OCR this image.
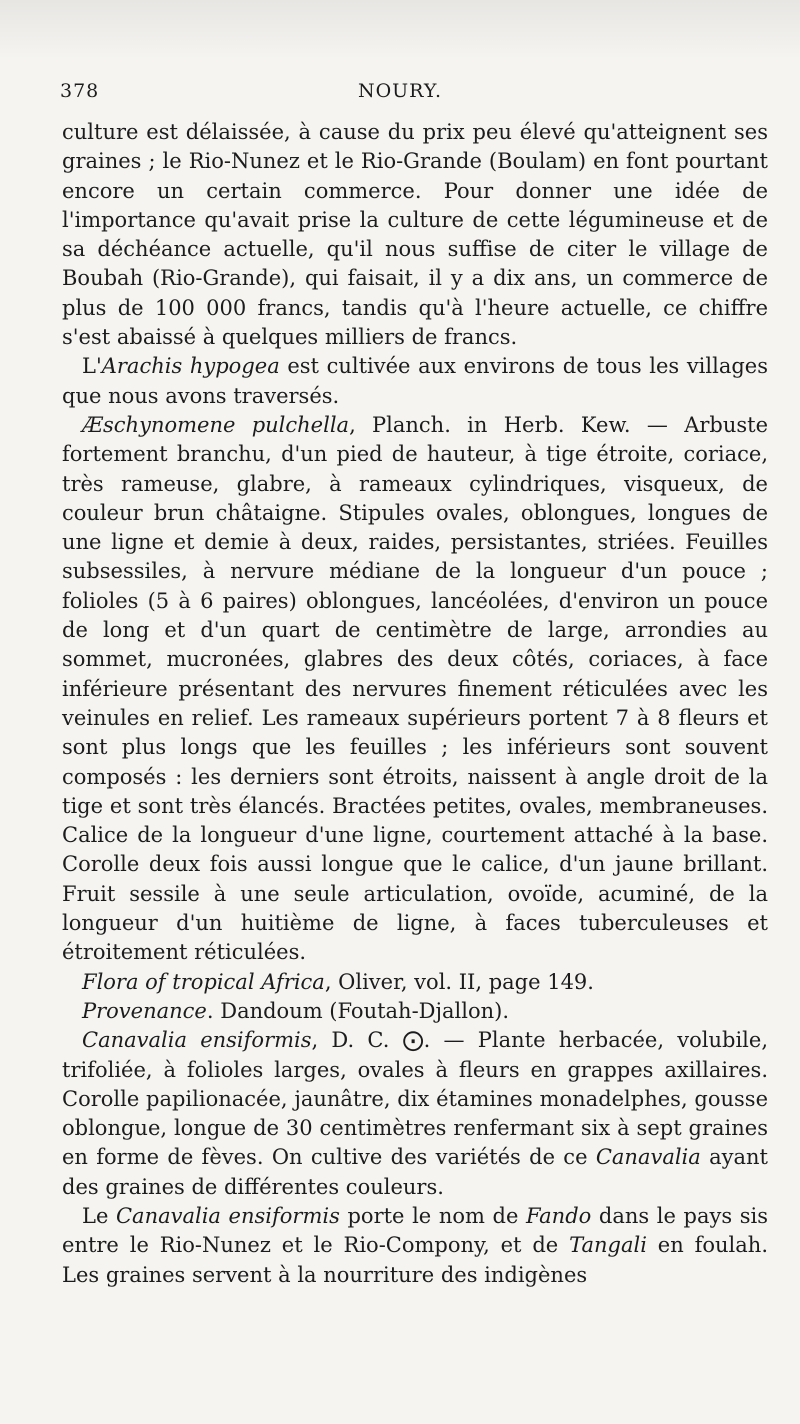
378	NOURY.

culture est délaissée, à cause du prix peu élevé qu'atteignent ses graines ; le Rio-Nunez et le Rio-Grande (Boulam) en font pourtant encore un certain commerce. Pour donner une idée de l'importance qu'avait prise la culture de cette légumineuse et de sa déchéance actuelle, qu'il nous suffise de citer le village de Boubah (Rio-Grande), qui faisait, il y a dix ans, un commerce de plus de 100 000 francs, tandis qu'à l'heure actuelle, ce chiffre s'est abaissé à quelques milliers de francs.

L'Arachis hypogea est cultivée aux environs de tous les villages que nous avons traversés.

Æschynomene pulchella, Planch. in Herb. Kew. — Arbuste fortement branchu, d'un pied de hauteur, à tige étroite, coriace, très rameuse, glabre, à rameaux cylindriques, visqueux, de couleur brun châtaigne. Stipules ovales, oblongues, longues de une ligne et demie à deux, raides, persistantes, striées. Feuilles subsessiles, à nervure médiane de la longueur d'un pouce ; folioles (5 à 6 paires) oblongues, lancéolées, d'environ un pouce de long et d'un quart de centimètre de large, arrondies au sommet, mucronées, glabres des deux côtés, coriaces, à face inférieure présentant des nervures finement réticulées avec les veinules en relief. Les rameaux supérieurs portent 7 à 8 fleurs et sont plus longs que les feuilles ; les inférieurs sont souvent composés : les derniers sont étroits, naissent à angle droit de la tige et sont très élancés. Bractées petites, ovales, membraneuses. Calice de la longueur d'une ligne, courtement attaché à la base. Corolle deux fois aussi longue que le calice, d'un jaune brillant. Fruit sessile à une seule articulation, ovoïde, acuminé, de la longueur d'un huitième de ligne, à faces tuberculeuses et étroitement réticulées.

Flora of tropical Africa, Oliver, vol. II, page 149.

Provenance. Dandoum (Foutah-Djallon).

Canavalia ensiformis, D. C. ⨀. — Plante herbacée, volubile, trifoliée, à folioles larges, ovales à fleurs en grappes axillaires. Corolle papilionacée, jaunâtre, dix étamines monadelphes, gousse oblongue, longue de 30 centimètres renfermant six à sept graines en forme de fèves. On cultive des variétés de ce Canavalia ayant des graines de différentes couleurs.

Le Canavalia ensiformis porte le nom de Fando dans le pays sis entre le Rio-Nunez et le Rio-Compony, et de Tangali en foulah. Les graines servent à la nourriture des indigènes
